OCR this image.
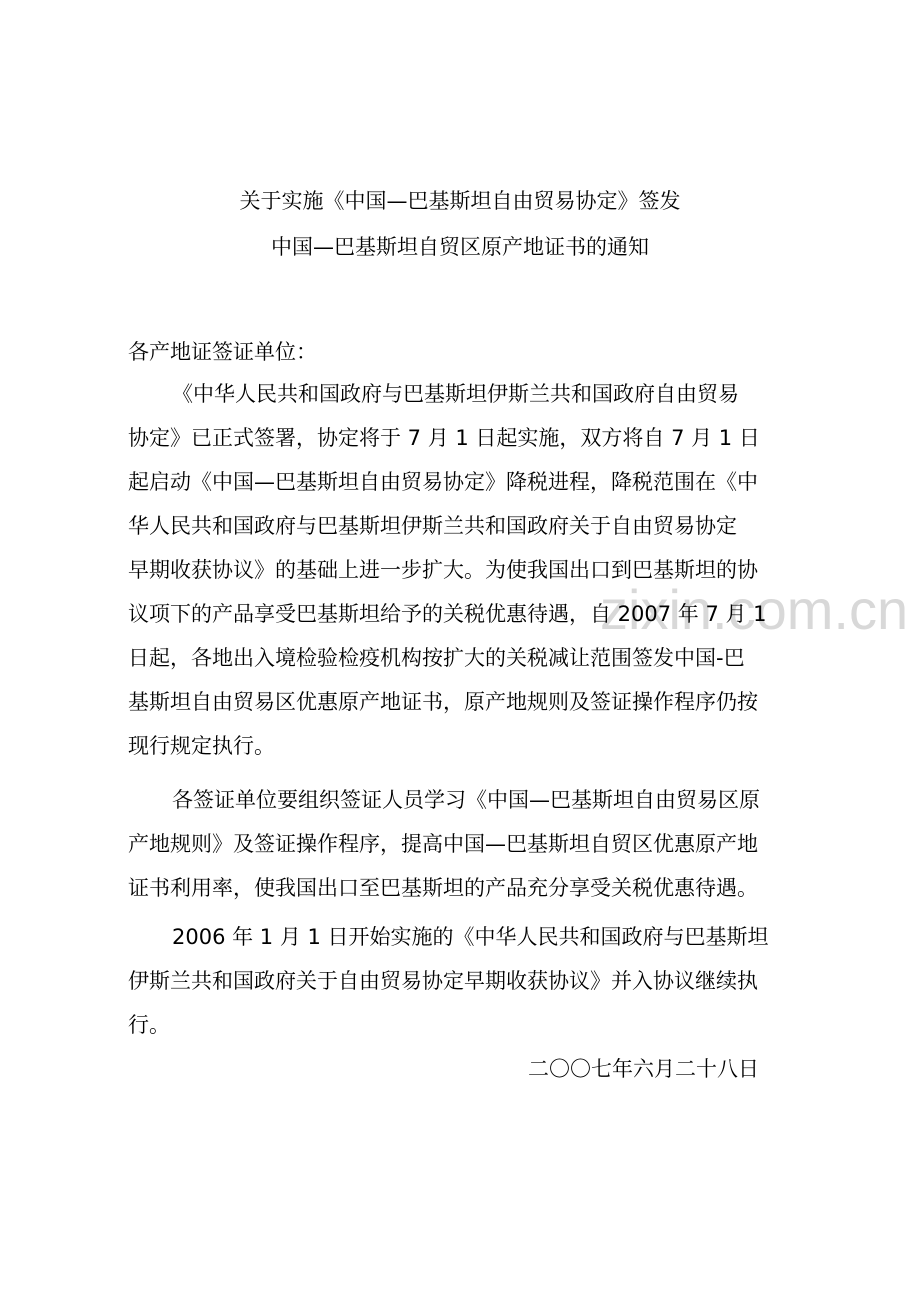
zixin.com.cn
关于实施《中国—巴基斯坦自由贸易协定》签发
中国—巴基斯坦自贸区原产地证书的通知
各产地证签证单位：
《中华人民共和国政府与巴基斯坦伊斯兰共和国政府自由贸易
协定》已正式签署，协定将于 7 月 1 日起实施，双方将自 7 月 1 日
起启动《中国—巴基斯坦自由贸易协定》降税进程，降税范围在《中
华人民共和国政府与巴基斯坦伊斯兰共和国政府关于自由贸易协定
早期收获协议》的基础上进一步扩大。为使我国出口到巴基斯坦的协
议项下的产品享受巴基斯坦给予的关税优惠待遇，自 2007 年 7 月 1
日起，各地出入境检验检疫机构按扩大的关税减让范围签发中国-巴
基斯坦自由贸易区优惠原产地证书，原产地规则及签证操作程序仍按
现行规定执行。
各签证单位要组织签证人员学习《中国—巴基斯坦自由贸易区原
产地规则》及签证操作程序，提高中国—巴基斯坦自贸区优惠原产地
证书利用率，使我国出口至巴基斯坦的产品充分享受关税优惠待遇。
2006 年 1 月 1 日开始实施的《中华人民共和国政府与巴基斯坦
伊斯兰共和国政府关于自由贸易协定早期收获协议》并入协议继续执
行。
二〇〇七年六月二十八日
